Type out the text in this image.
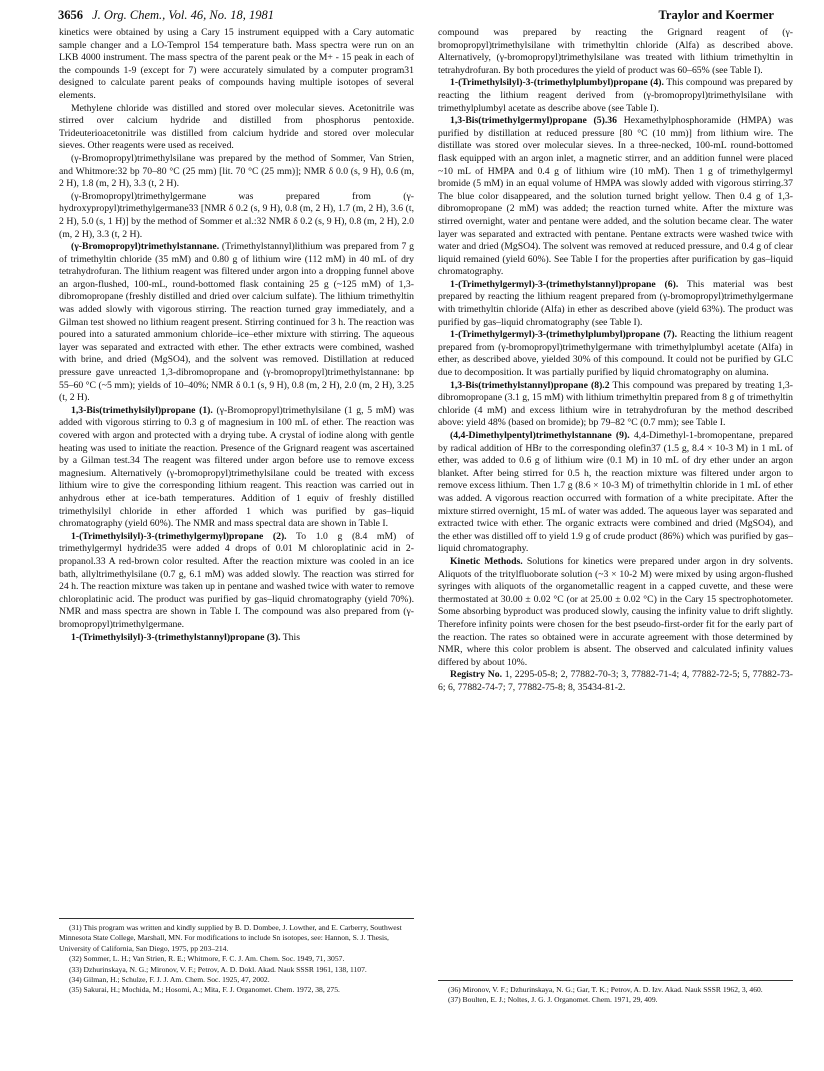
3656 J. Org. Chem., Vol. 46, No. 18, 1981	Traylor and Koermer

kinetics were obtained by using a Cary 15 instrument equipped with a Cary automatic sample changer and a LO-Temprol 154 temperature bath. Mass spectra were run on an LKB 4000 instrument. The mass spectra of the parent peak or the M+ - 15 peak in each of the compounds 1-9 (except for 7) were accurately simulated by a computer program31 designed to calculate parent peaks of compounds having multiple isotopes of several elements.

Methylene chloride was distilled and stored over molecular sieves. Acetonitrile was stirred over calcium hydride and distilled from phosphorus pentoxide. Trideuterioacetonitrile was distilled from calcium hydride and stored over molecular sieves. Other reagents were used as received.

(γ-Bromopropyl)trimethylsilane was prepared by the method of Sommer, Van Strien, and Whitmore:32 bp 70–80 °C (25 mm) [lit. 70 °C (25 mm)]; NMR δ 0.0 (s, 9 H), 0.6 (m, 2 H), 1.8 (m, 2 H), 3.3 (t, 2 H).

(γ-Bromopropyl)trimethylgermane was prepared from (γ-hydroxypropyl)trimethylgermane33 [NMR δ 0.2 (s, 9 H), 0.8 (m, 2 H), 1.7 (m, 2 H), 3.6 (t, 2 H), 5.0 (s, 1 H)] by the method of Sommer et al.:32 NMR δ 0.2 (s, 9 H), 0.8 (m, 2 H), 2.0 (m, 2 H), 3.3 (t, 2 H).

(γ-Bromopropyl)trimethylstannane. (Trimethylstannyl)lithium was prepared from 7 g of trimethyltin chloride (35 mM) and 0.80 g of lithium wire (112 mM) in 40 mL of dry tetrahydrofuran. The lithium reagent was filtered under argon into a dropping funnel above an argon-flushed, 100-mL, round-bottomed flask containing 25 g (~125 mM) of 1,3-dibromopropane (freshly distilled and dried over calcium sulfate). The lithium trimethyltin was added slowly with vigorous stirring. The reaction turned gray immediately, and a Gilman test showed no lithium reagent present. Stirring continued for 3 h. The reaction was poured into a saturated ammonium chloride–ice–ether mixture with stirring. The aqueous layer was separated and extracted with ether. The ether extracts were combined, washed with brine, and dried (MgSO4), and the solvent was removed. Distillation at reduced pressure gave unreacted 1,3-dibromopropane and (γ-bromopropyl)trimethylstannane: bp 55–60 °C (~5 mm); yields of 10–40%; NMR δ 0.1 (s, 9 H), 0.8 (m, 2 H), 2.0 (m, 2 H), 3.25 (t, 2 H).

1,3-Bis(trimethylsilyl)propane (1). (γ-Bromopropyl)trimethylsilane (1 g, 5 mM) was added with vigorous stirring to 0.3 g of magnesium in 100 mL of ether. The reaction was covered with argon and protected with a drying tube. A crystal of iodine along with gentle heating was used to initiate the reaction. Presence of the Grignard reagent was ascertained by a Gilman test.34 The reagent was filtered under argon before use to remove excess magnesium. Alternatively (γ-bromopropyl)trimethylsilane could be treated with excess lithium wire to give the corresponding lithium reagent. This reaction was carried out in anhydrous ether at ice-bath temperatures. Addition of 1 equiv of freshly distilled trimethylsilyl chloride in ether afforded 1 which was purified by gas–liquid chromatography (yield 60%). The NMR and mass spectral data are shown in Table I.

1-(Trimethylsilyl)-3-(trimethylgermyl)propane (2). To 1.0 g (8.4 mM) of trimethylgermyl hydride35 were added 4 drops of 0.01 M chloroplatinic acid in 2-propanol.33 A red-brown color resulted. After the reaction mixture was cooled in an ice bath, allyltrimethylsilane (0.7 g, 6.1 mM) was added slowly. The reaction was stirred for 24 h. The reaction mixture was taken up in pentane and washed twice with water to remove chloroplatinic acid. The product was purified by gas–liquid chromatography (yield 70%). NMR and mass spectra are shown in Table I. The compound was also prepared from (γ-bromopropyl)trimethylgermane.

1-(Trimethylsilyl)-3-(trimethylstannyl)propane (3). This

compound was prepared by reacting the Grignard reagent of (γ-bromopropyl)trimethylsilane with trimethyltin chloride (Alfa) as described above. Alternatively, (γ-bromopropyl)trimethylsilane was treated with lithium trimethyltin in tetrahydrofuran. By both procedures the yield of product was 60–65% (see Table I).

1-(Trimethylsilyl)-3-(trimethylplumbyl)propane (4). This compound was prepared by reacting the lithium reagent derived from (γ-bromopropyl)trimethylsilane with trimethylplumbyl acetate as describe above (see Table I).

1,3-Bis(trimethylgermyl)propane (5).36 Hexamethylphosphoramide (HMPA) was purified by distillation at reduced pressure [80 °C (10 mm)] from lithium wire. The distillate was stored over molecular sieves. In a three-necked, 100-mL round-bottomed flask equipped with an argon inlet, a magnetic stirrer, and an addition funnel were placed ~10 mL of HMPA and 0.4 g of lithium wire (10 mM). Then 1 g of trimethylgermyl bromide (5 mM) in an equal volume of HMPA was slowly added with vigorous stirring.37 The blue color disappeared, and the solution turned bright yellow. Then 0.4 g of 1,3-dibromopropane (2 mM) was added; the reaction turned white. After the mixture was stirred overnight, water and pentane were added, and the solution became clear. The water layer was separated and extracted with pentane. Pentane extracts were washed twice with water and dried (MgSO4). The solvent was removed at reduced pressure, and 0.4 g of clear liquid remained (yield 60%). See Table I for the properties after purification by gas–liquid chromatography.

1-(Trimethylgermyl)-3-(trimethylstannyl)propane (6). This material was best prepared by reacting the lithium reagent prepared from (γ-bromopropyl)trimethylgermane with trimethyltin chloride (Alfa) in ether as described above (yield 63%). The product was purified by gas–liquid chromatography (see Table I).

1-(Trimethylgermyl)-3-(trimethylplumbyl)propane (7). Reacting the lithium reagent prepared from (γ-bromopropyl)trimethylgermane with trimethylplumbyl acetate (Alfa) in ether, as described above, yielded 30% of this compound. It could not be purified by GLC due to decomposition. It was partially purified by liquid chromatography on alumina.

1,3-Bis(trimethylstannyl)propane (8).2 This compound was prepared by treating 1,3-dibromopropane (3.1 g, 15 mM) with lithium trimethyltin prepared from 8 g of trimethyltin chloride (4 mM) and excess lithium wire in tetrahydrofuran by the method described above: yield 48% (based on bromide); bp 79–82 °C (0.7 mm); see Table I.

(4,4-Dimethylpentyl)trimethylstannane (9). 4,4-Dimethyl-1-bromopentane, prepared by radical addition of HBr to the corresponding olefin37 (1.5 g, 8.4 × 10-3 M) in 1 mL of ether, was added to 0.6 g of lithium wire (0.1 M) in 10 mL of dry ether under an argon blanket. After being stirred for 0.5 h, the reaction mixture was filtered under argon to remove excess lithium. Then 1.7 g (8.6 × 10-3 M) of trimethyltin chloride in 1 mL of ether was added. A vigorous reaction occurred with formation of a white precipitate. After the mixture stirred overnight, 15 mL of water was added. The aqueous layer was separated and extracted twice with ether. The organic extracts were combined and dried (MgSO4), and the ether was distilled off to yield 1.9 g of crude product (86%) which was purified by gas–liquid chromatography.

Kinetic Methods. Solutions for kinetics were prepared under argon in dry solvents. Aliquots of the tritylfluoborate solution (~3 × 10-2 M) were mixed by using argon-flushed syringes with aliquots of the organometallic reagent in a capped cuvette, and these were thermostated at 30.00 ± 0.02 °C (or at 25.00 ± 0.02 °C) in the Cary 15 spectrophotometer. Some absorbing byproduct was produced slowly, causing the infinity value to drift slightly. Therefore infinity points were chosen for the best pseudo-first-order fit for the early part of the reaction. The rates so obtained were in accurate agreement with those determined by NMR, where this color problem is absent. The observed and calculated infinity values differed by about 10%.

Registry No. 1, 2295-05-8; 2, 77882-70-3; 3, 77882-71-4; 4, 77882-72-5; 5, 77882-73-6; 6, 77882-74-7; 7, 77882-75-8; 8, 35434-81-2.

(31) This program was written and kindly supplied by B. D. Dombee, J. Lowther, and E. Carberry, Southwest Minnesota State College, Marshall, MN. For modifications to include Sn isotopes, see: Hannon, S. J. Thesis, University of California, San Diego, 1975, pp 203–214.

(32) Sommer, L. H.; Van Strien, R. E.; Whitmore, F. C. J. Am. Chem. Soc. 1949, 71, 3057.

(33) Dzhurinskaya, N. G.; Mironov, V. F.; Petrov, A. D. Dokl. Akad. Nauk SSSR 1961, 138, 1107.

(34) Gilman, H.; Schulze, F. J. J. Am. Chem. Soc. 1925, 47, 2002.

(35) Sakurai, H.; Mochida, M.; Hosomi, A.; Mita, F. J. Organomet. Chem. 1972, 38, 275.	(36) Mironov, V. F.; Dzhurinskaya, N. G.; Gar, T. K.; Petrov, A. D. Izv. Akad. Nauk SSSR 1962, 3, 460.

(37) Boulten, E. J.; Noltes, J. G. J. Organomet. Chem. 1971, 29, 409.
